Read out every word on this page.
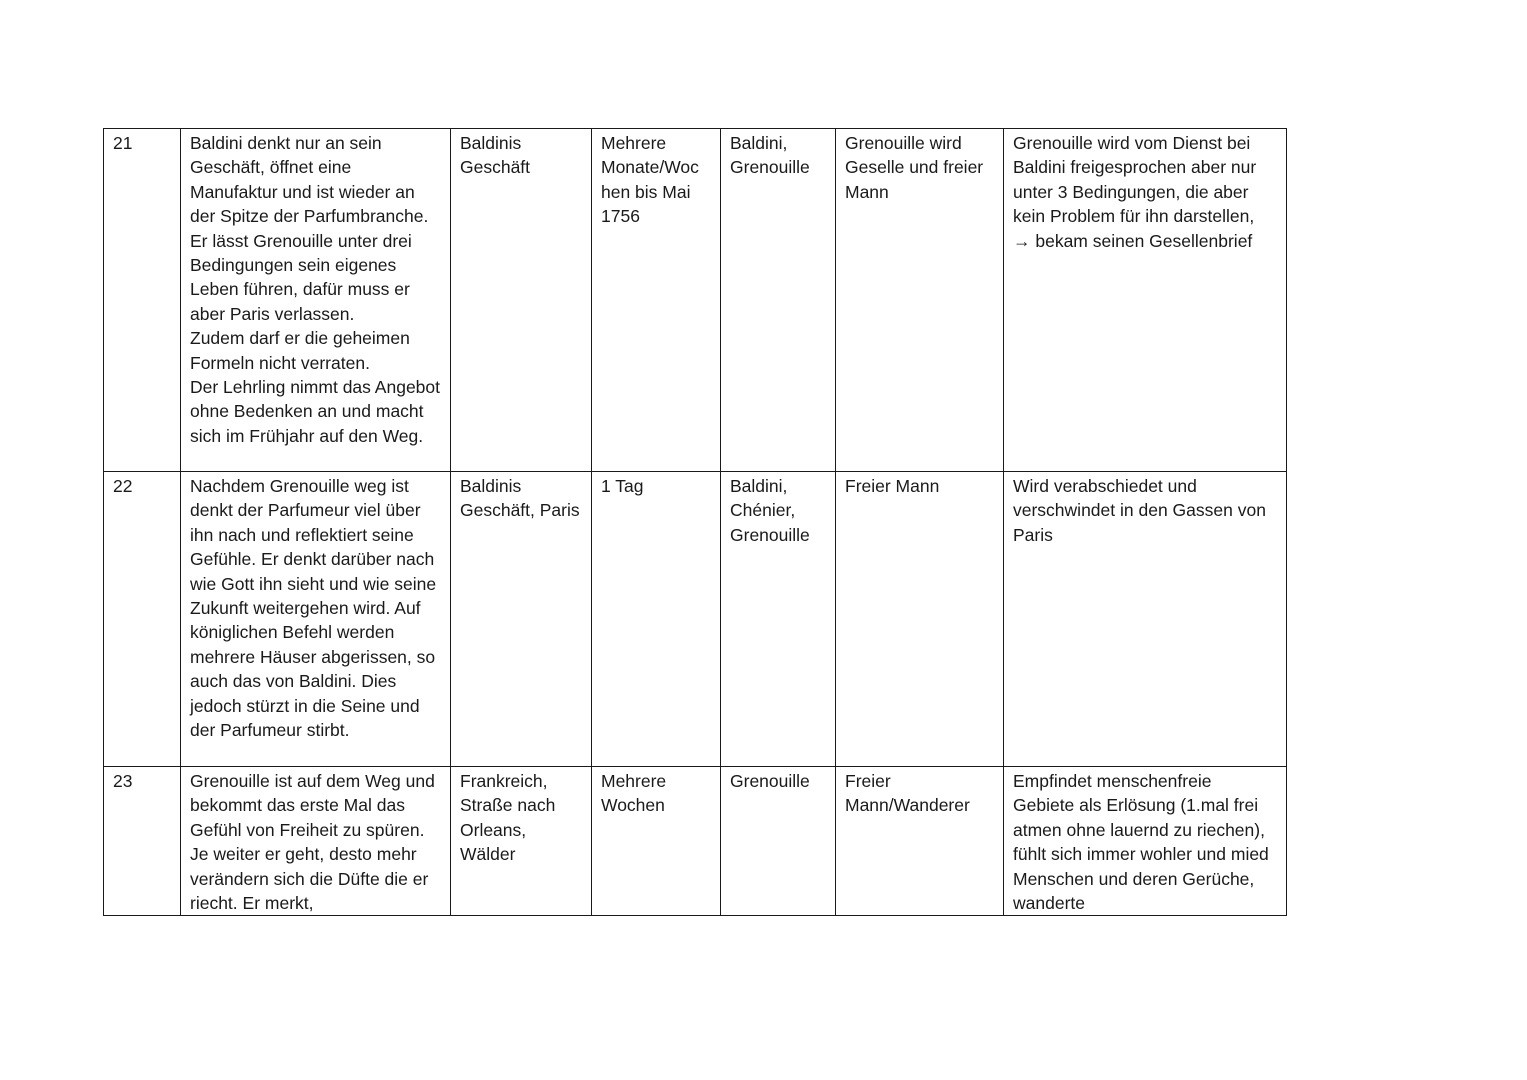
21	Baldini denkt nur an sein Geschäft, öffnet eine Manufaktur und ist wieder an der Spitze der Parfumbranche. Er lässt Grenouille unter drei Bedingungen sein eigenes Leben führen, dafür muss er aber Paris verlassen.
Zudem darf er die geheimen Formeln nicht verraten.
Der Lehrling nimmt das Angebot ohne Bedenken an und macht sich im Frühjahr auf den Weg.	Baldinis Geschäft	Mehrere Monate/Woc hen bis Mai 1756	Baldini, Grenouille	Grenouille wird Geselle und freier Mann	Grenouille wird vom Dienst bei Baldini freigesprochen aber nur unter 3 Bedingungen, die aber kein Problem für ihn darstellen,
→ bekam seinen Gesellenbrief
22	Nachdem Grenouille weg ist denkt der Parfumeur viel über ihn nach und reflektiert seine Gefühle. Er denkt darüber nach wie Gott ihn sieht und wie seine Zukunft weitergehen wird. Auf königlichen Befehl werden mehrere Häuser abgerissen, so auch das von Baldini. Dies jedoch stürzt in die Seine und der Parfumeur stirbt.	Baldinis Geschäft, Paris	1 Tag	Baldini, Chénier, Grenouille	Freier Mann	Wird verabschiedet und verschwindet in den Gassen von Paris
23	Grenouille ist auf dem Weg und bekommt das erste Mal das Gefühl von Freiheit zu spüren. Je weiter er geht, desto mehr verändern sich die Düfte die er riecht. Er merkt,	Frankreich, Straße nach Orleans, Wälder	Mehrere Wochen	Grenouille	Freier Mann/Wanderer	Empfindet menschenfreie Gebiete als Erlösung (1.mal frei atmen ohne lauernd zu riechen), fühlt sich immer wohler und mied Menschen und deren Gerüche, wanderte
